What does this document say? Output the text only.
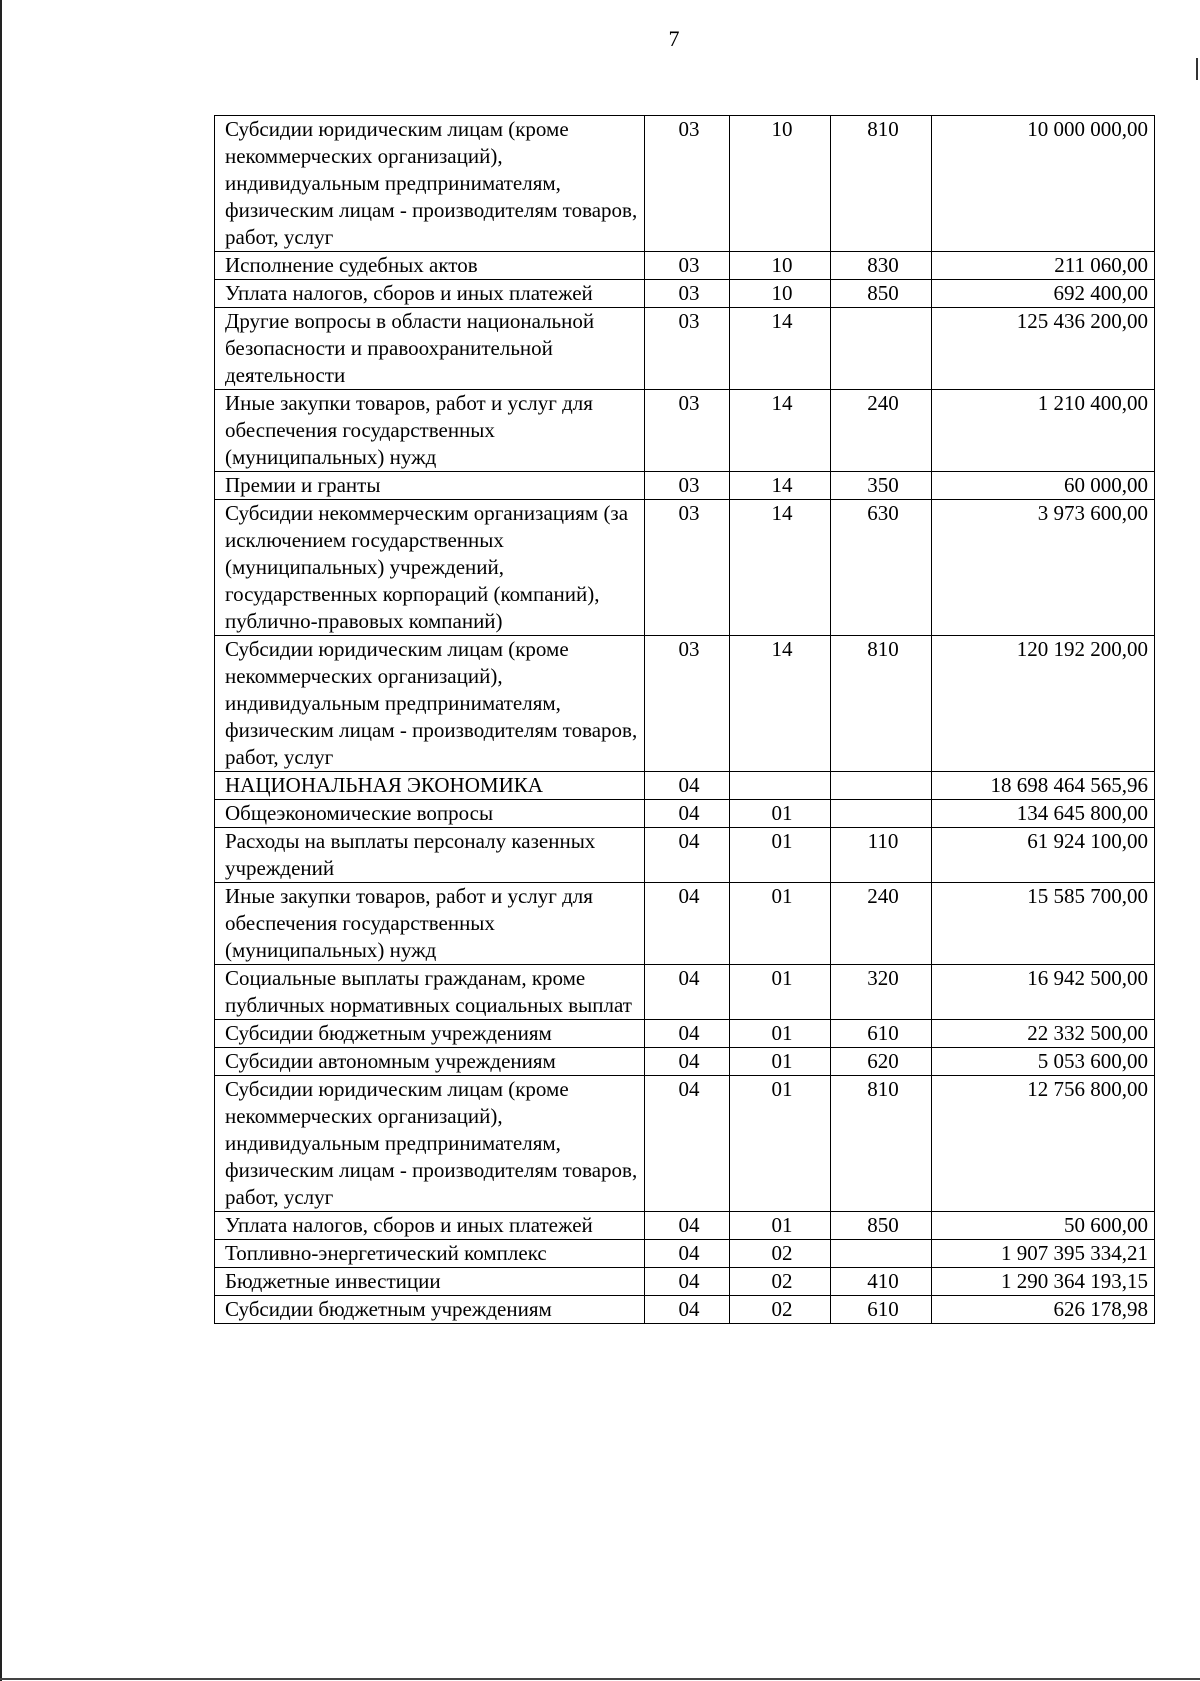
7
Субсидии юридическим лицам (кроме некоммерческих организаций), индивидуальным предпринимателям, физическим лицам - производителям товаров, работ, услуг	03	10	810	10 000 000,00
Исполнение судебных актов	03	10	830	211 060,00
Уплата налогов, сборов и иных платежей	03	10	850	692 400,00
Другие вопросы в области национальной безопасности и правоохранительной деятельности	03	14		125 436 200,00
Иные закупки товаров, работ и услуг для обеспечения государственных (муниципальных) нужд	03	14	240	1 210 400,00
Премии и гранты	03	14	350	60 000,00
Субсидии некоммерческим организациям (за исключением государственных (муниципальных) учреждений, государственных корпораций (компаний), публично-правовых компаний)	03	14	630	3 973 600,00
Субсидии юридическим лицам (кроме некоммерческих организаций), индивидуальным предпринимателям, физическим лицам - производителям товаров, работ, услуг	03	14	810	120 192 200,00
НАЦИОНАЛЬНАЯ ЭКОНОМИКА	04			18 698 464 565,96
Общеэкономические вопросы	04	01		134 645 800,00
Расходы на выплаты персоналу казенных учреждений	04	01	110	61 924 100,00
Иные закупки товаров, работ и услуг для обеспечения государственных (муниципальных) нужд	04	01	240	15 585 700,00
Социальные выплаты гражданам, кроме публичных нормативных социальных выплат	04	01	320	16 942 500,00
Субсидии бюджетным учреждениям	04	01	610	22 332 500,00
Субсидии автономным учреждениям	04	01	620	5 053 600,00
Субсидии юридическим лицам (кроме некоммерческих организаций), индивидуальным предпринимателям, физическим лицам - производителям товаров, работ, услуг	04	01	810	12 756 800,00
Уплата налогов, сборов и иных платежей	04	01	850	50 600,00
Топливно-энергетический комплекс	04	02		1 907 395 334,21
Бюджетные инвестиции	04	02	410	1 290 364 193,15
Субсидии бюджетным учреждениям	04	02	610	626 178,98
